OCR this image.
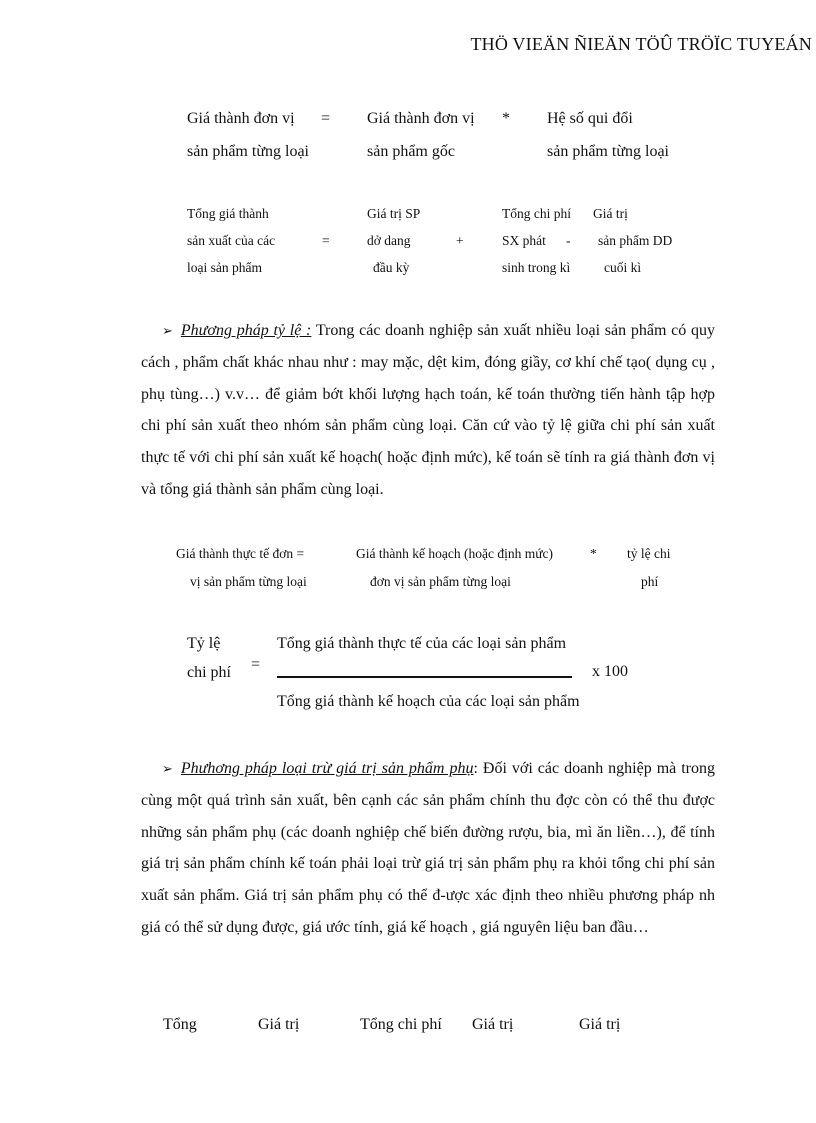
THÖ VIEÄN ÑIEÄN TÖÛ TRÖÏC TUYEÁN
Giá thành đơn vị
sản phẩm từng loại
= Giá thành đơn vị
sản phẩm gốc
* Hệ số qui đổi
sản phẩm từng loại
Tổng giá thành
sản xuất của các
loại sản phẩm
=
Giá trị SP
dở dang
đầu kỳ
+
Tổng chi phí
SX phát
sinh trong kì
-
Giá trị
sản phẩm DD
cuối kì
➢ Phương pháp tỷ lệ : Trong các doanh nghiệp sản xuất nhiều loại sản phẩm có quy cách , phẩm chất khác nhau như : may mặc, dệt kim, đóng giầy, cơ khí chế tạo( dụng cụ , phụ tùng…) v.v… để giảm bớt khối lượng hạch toán, kế toán thường tiến hành tập hợp chi phí sản xuất theo nhóm sản phẩm cùng loại. Căn cứ vào tỷ lệ giữa chi phí sản xuất thực tế với chi phí sản xuất kế hoạch( hoặc định mức), kế toán sẽ tính ra giá thành đơn vị và tổng giá thành sản phẩm cùng loại.
Giá thành thực tế đơn =
vị sản phẩm từng loại
Giá thành kế hoạch (hoặc định mức)
đơn vị sản phẩm từng loại
* tỷ lệ chi
phí
Tỷ lệ
chi phí =
Tổng giá thành thực tế của các loại sản phẩm
Tổng giá thành kế hoạch của các loại sản phẩm
x 100
➢ Phưhơng pháp loại trừ giá trị sản phẩm phụ: Đối với các doanh nghiệp mà trong cùng một quá trình sản xuất, bên cạnh các sản phẩm chính thu đợc còn có thể thu được những sản phẩm phụ (các doanh nghiệp chế biến đường rượu, bia, mì ăn liền…), để tính giá trị sản phẩm chính kế toán phải loại trừ giá trị sản phẩm phụ ra khỏi tổng chi phí sản xuất sản phẩm. Giá trị sản phẩm phụ có thể đ-ược xác định theo nhiều phương pháp nh giá có thể sử dụng được, giá ước tính, giá kế hoạch , giá nguyên liệu ban đầu…
Tổng	Giá trị	Tổng chi phí Giá trị	Giá trị
